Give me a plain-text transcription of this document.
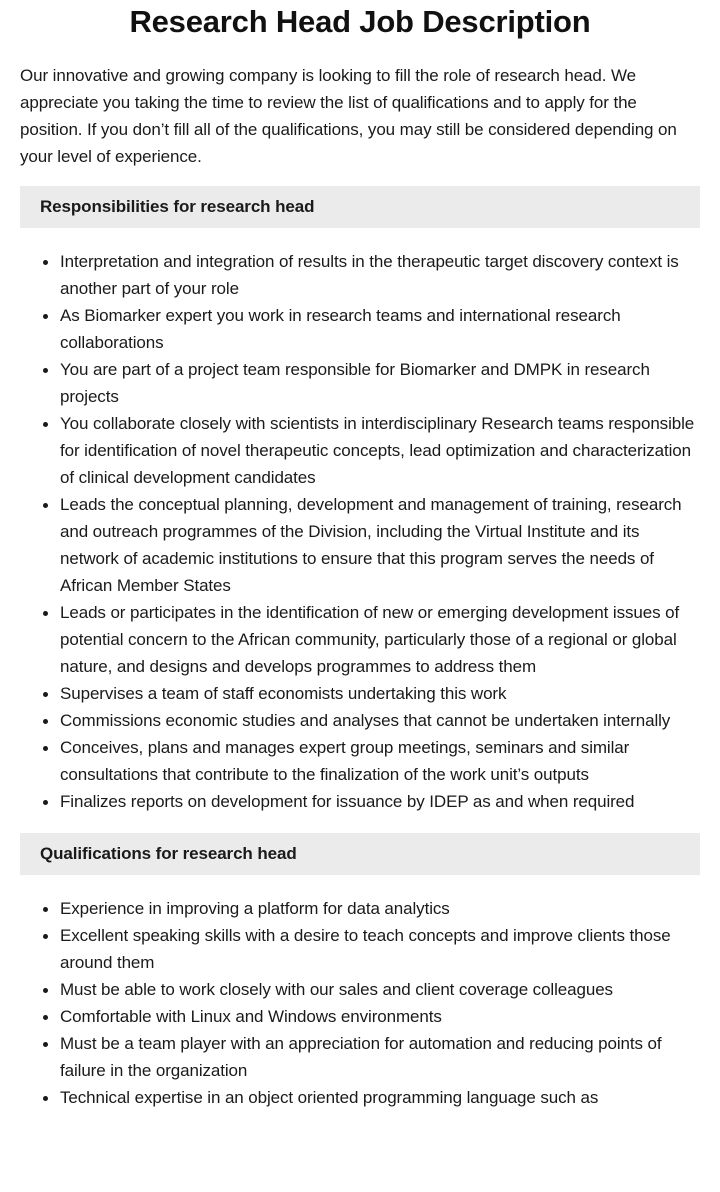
Research Head Job Description

Our innovative and growing company is looking to fill the role of research head. We appreciate you taking the time to review the list of qualifications and to apply for the position. If you don’t fill all of the qualifications, you may still be considered depending on your level of experience.

Responsibilities for research head
Interpretation and integration of results in the therapeutic target discovery context is another part of your role
As Biomarker expert you work in research teams and international research collaborations
You are part of a project team responsible for Biomarker and DMPK in research projects
You collaborate closely with scientists in interdisciplinary Research teams responsible for identification of novel therapeutic concepts, lead optimization and characterization of clinical development candidates
Leads the conceptual planning, development and management of training, research and outreach programmes of the Division, including the Virtual Institute and its network of academic institutions to ensure that this program serves the needs of African Member States
Leads or participates in the identification of new or emerging development issues of potential concern to the African community, particularly those of a regional or global nature, and designs and develops programmes to address them
Supervises a team of staff economists undertaking this work
Commissions economic studies and analyses that cannot be undertaken internally
Conceives, plans and manages expert group meetings, seminars and similar consultations that contribute to the finalization of the work unit’s outputs
Finalizes reports on development for issuance by IDEP as and when required
Qualifications for research head
Experience in improving a platform for data analytics
Excellent speaking skills with a desire to teach concepts and improve clients those around them
Must be able to work closely with our sales and client coverage colleagues
Comfortable with Linux and Windows environments
Must be a team player with an appreciation for automation and reducing points of failure in the organization
Technical expertise in an object oriented programming language such as
